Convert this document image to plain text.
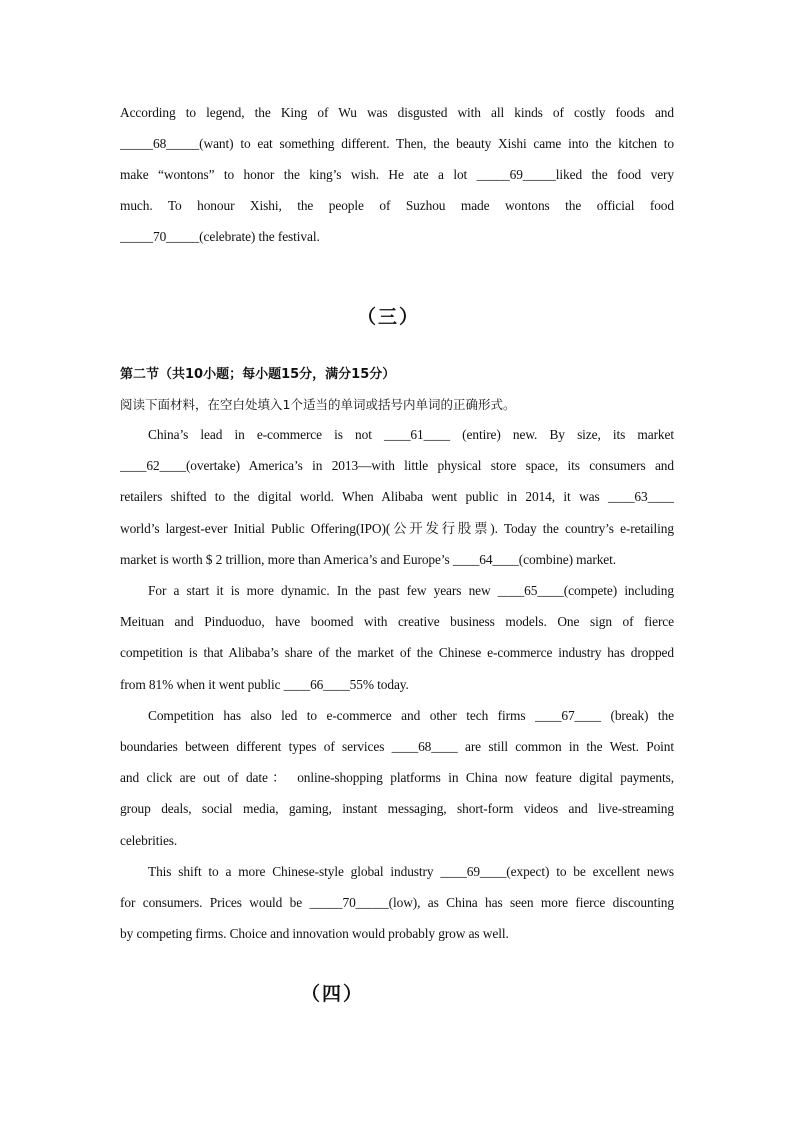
According to legend, the King of Wu was disgusted with all kinds of costly foods and
_____68_____(want) to eat something different. Then, the beauty Xishi came into the kitchen to
make “wontons” to honor the king’s wish. He ate a lot _____69_____liked the food very
much. To honour Xishi, the people of Suzhou made wontons the official food
_____70_____(celebrate) the festival.
（三）
第二节（共10小题；每小题15分，满分15分）
阅读下面材料，在空白处填入1个适当的单词或括号内单词的正确形式。
China’s lead in e-commerce is not ____61____ (entire) new. By size, its market
____62____(overtake) America’s in 2013—with little physical store space, its consumers and
retailers shifted to the digital world. When Alibaba went public in 2014, it was ____63____
world’s largest-ever Initial Public Offering(IPO)(公开发行股票). Today the country’s e-retailing
market is worth $ 2 trillion, more than America’s and Europe’s ____64____(combine) market.
For a start it is more dynamic. In the past few years new ____65____(compete) including
Meituan and Pinduoduo, have boomed with creative business models. One sign of fierce
competition is that Alibaba’s share of the market of the Chinese e-commerce industry has dropped
from 81% when it went public ____66____55% today.
Competition has also led to e-commerce and other tech firms ____67____ (break) the
boundaries between different types of services ____68____ are still common in the West. Point
and click are out of date： online-shopping platforms in China now feature digital payments,
group deals, social media, gaming, instant messaging, short-form videos and live-streaming
celebrities.
This shift to a more Chinese-style global industry ____69____(expect) to be excellent news
for consumers. Prices would be _____70_____(low), as China has seen more fierce discounting
by competing firms. Choice and innovation would probably grow as well.
（四）
